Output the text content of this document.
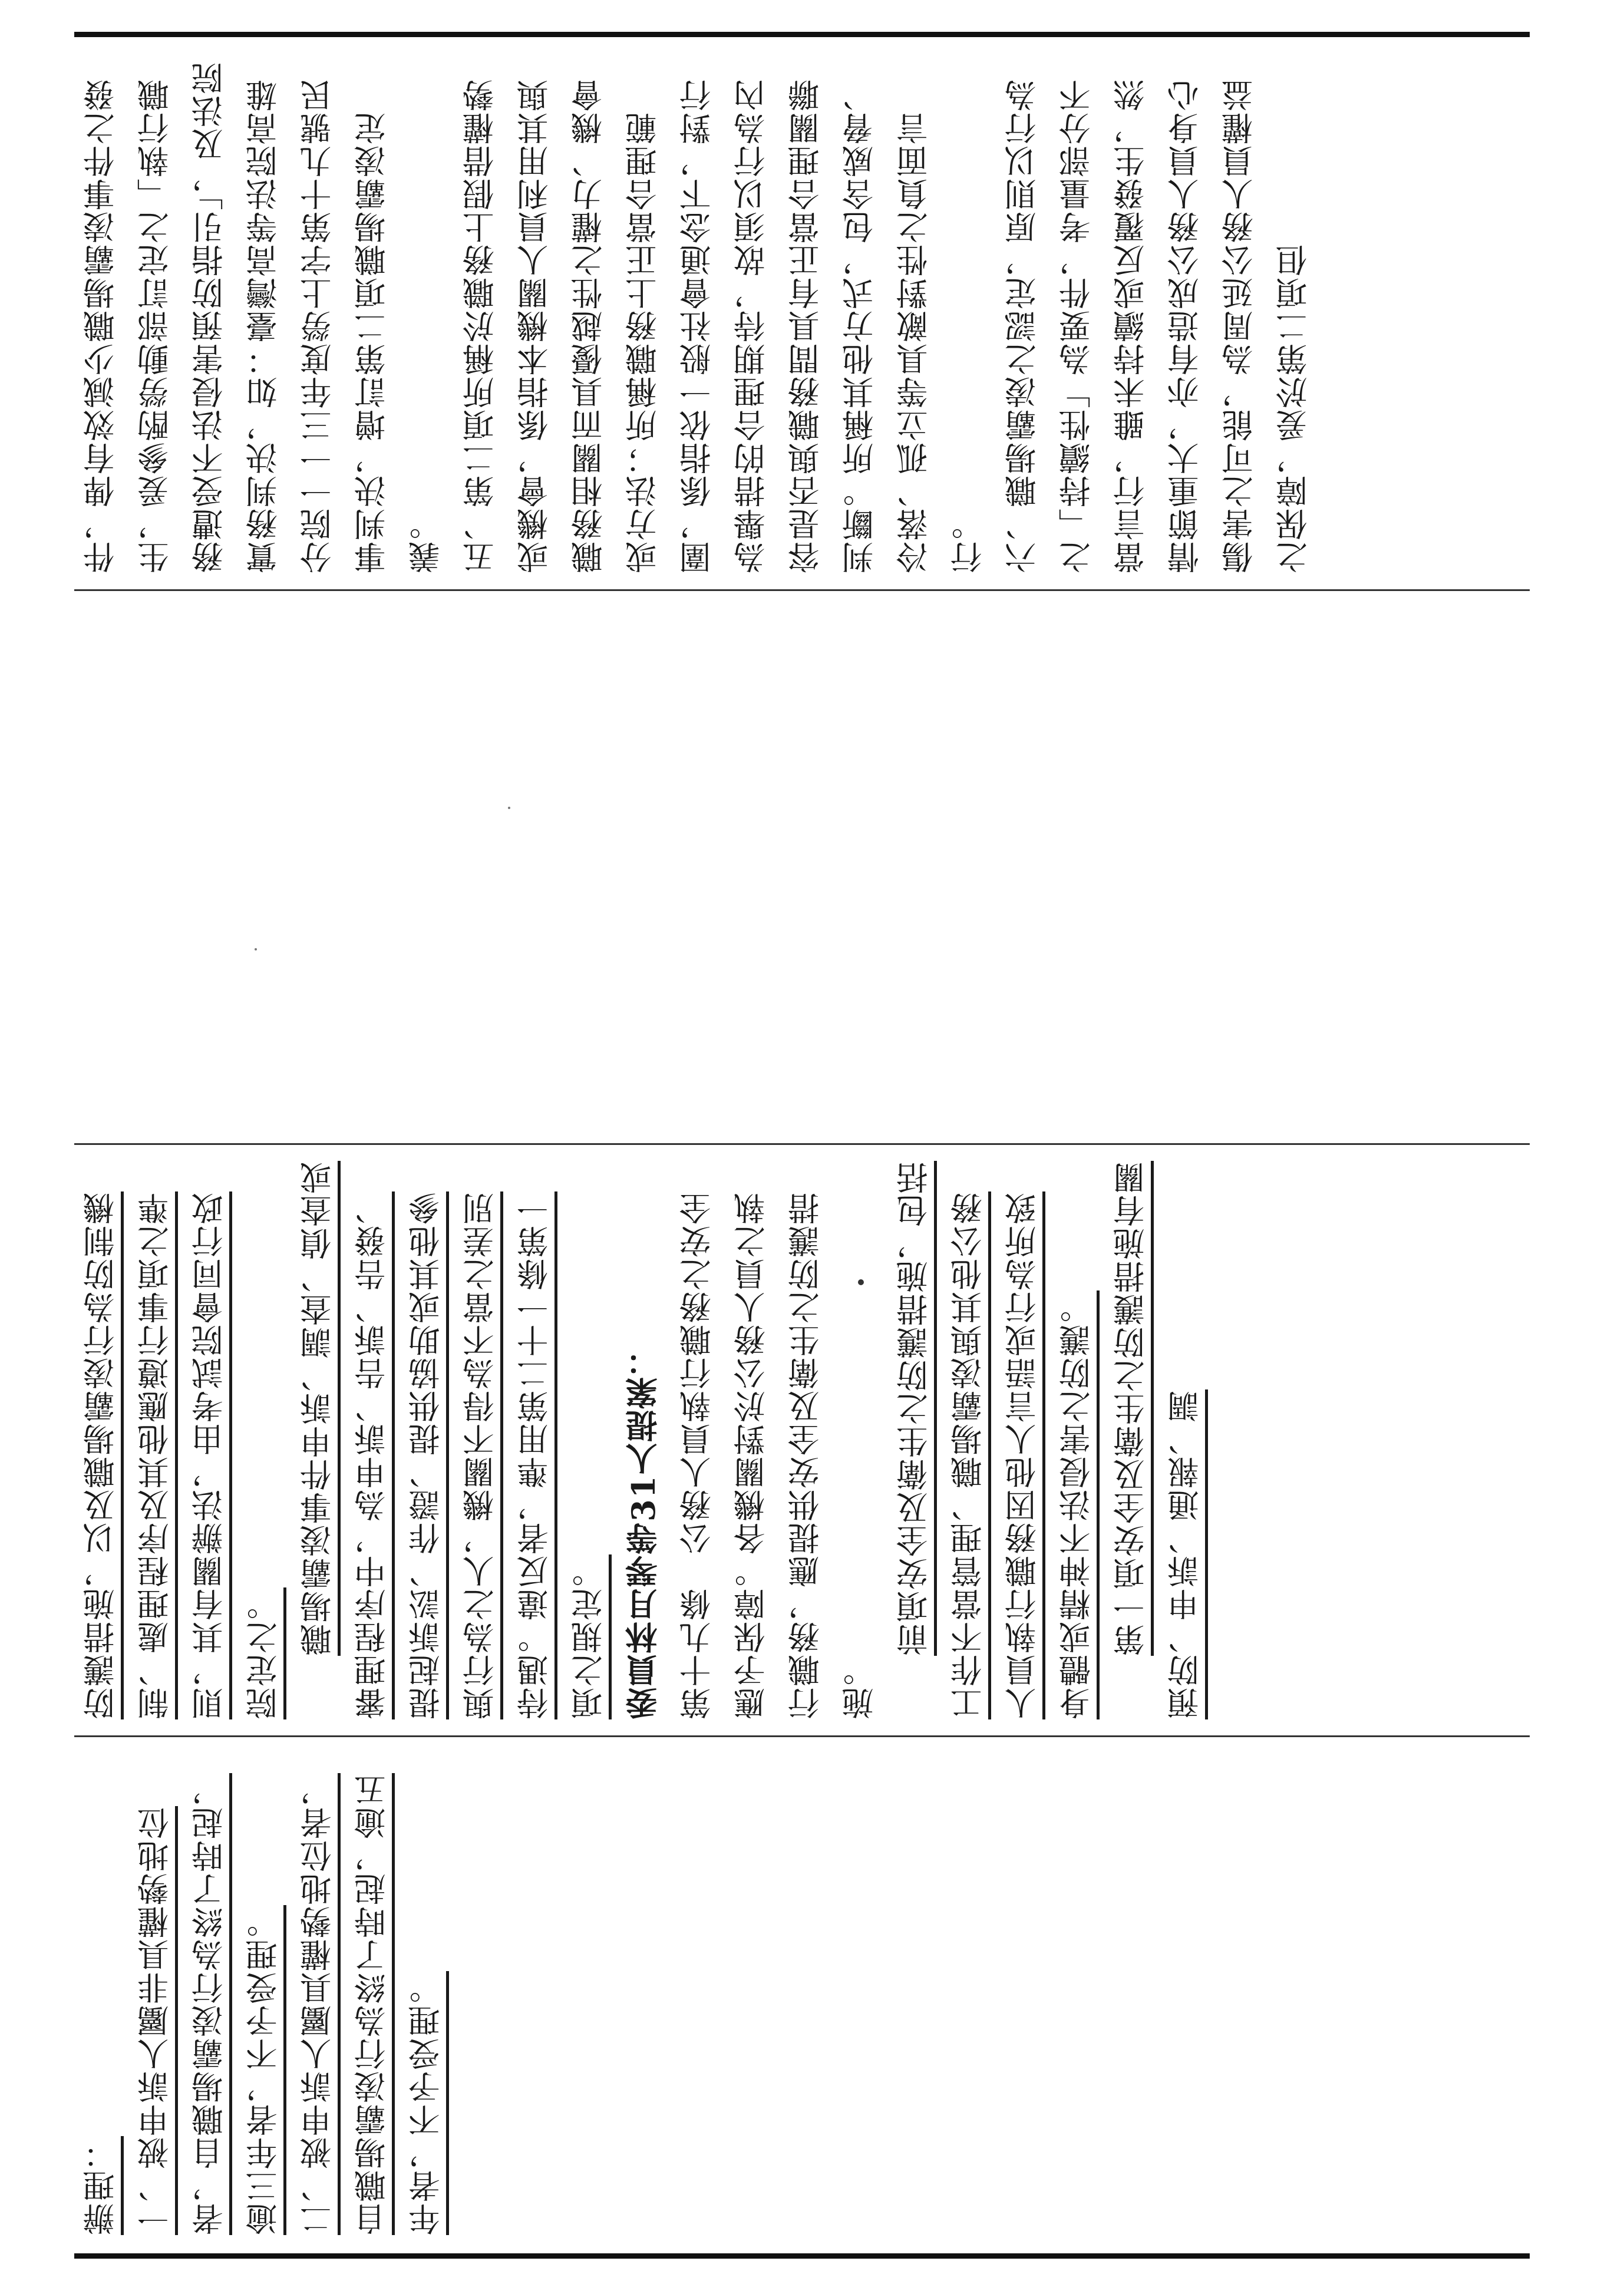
辦理： 一、被申訴人屬非具權勢地位者，自職場霸凌行為終了時起，逾三年者，不予受理。 二、被申訴人屬具權勢地位者，自職場霸凌行為終了時起，逾五年者，不予受理。

防護措施，以及職場霸凌行為防制機制、處理程序及其他應遵行事項之準則，其有關辦法，由考試院會同行政院定之。 職場霸凌事件申訴、調查、偵查或審理程序中，為申訴、告訴、告發、提起訴訟、作證、提供協助或其他參與行為之人，機關不得為不當之差別待遇。違反者，準用第二十一條第一項之規定。 委員林月琴等31人提案： 第十九條　公務人員執行職務之安全應予保障。各機關對於公務人員之執行職務，應提供安全及衛生之防護措施。

前項安全及衛生之防護措施，包括工作不當管理、職場霸凌與其他公務人員執行職務因他人言語或行為所致身體或精神不法侵害之防護。 第一項安全及衛生之防護措施有關預防、申訴、通報、調

件，俾有效減少職場霸凌事件之發生，爰參酌勞動部訂定之「執行職務遭受不法侵害預防指引」，及法院實務判決，如：臺灣高等法院高雄分院一一三年度勞上字第十九號民事判決，增訂第二項職場霸凌定義。 五、第二項所稱於職務上假借權勢或機會，係指本機關人員利用其與職務相關而具優越性之權力、機會或方法；所稱職務上正當合理範圍，係指依一般社會通念下，對行為舉措的合理期待，故須以行為內容是否與職務間具有正當合理關聯判斷。所稱其他方式，包含威脅、冷落、孤立等具敵對性之負面言行。 六、職場霸凌之認定，原則以行為之「持續性」為要件，考量部分不當言行，雖未持續或反覆發生，然情節重大，亦有造成公務人員身心傷害之可能，為周延公務人員權益之保障，爰於第二項但
